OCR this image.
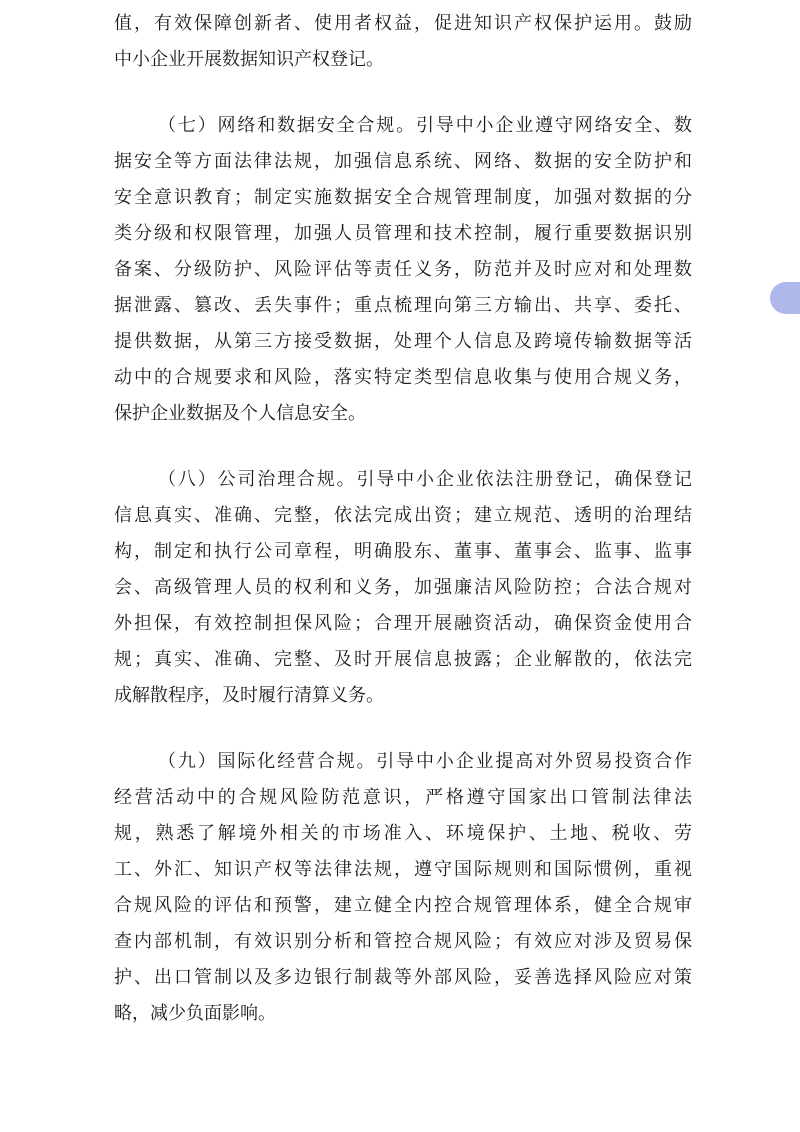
值，有效保障创新者、使用者权益，促进知识产权保护运用。鼓励
中小企业开展数据知识产权登记。
（七）网络和数据安全合规。引导中小企业遵守网络安全、数
据安全等方面法律法规，加强信息系统、网络、数据的安全防护和
安全意识教育；制定实施数据安全合规管理制度，加强对数据的分
类分级和权限管理，加强人员管理和技术控制，履行重要数据识别
备案、分级防护、风险评估等责任义务，防范并及时应对和处理数
据泄露、篡改、丢失事件；重点梳理向第三方输出、共享、委托、
提供数据，从第三方接受数据，处理个人信息及跨境传输数据等活
动中的合规要求和风险，落实特定类型信息收集与使用合规义务，
保护企业数据及个人信息安全。
（八）公司治理合规。引导中小企业依法注册登记，确保登记
信息真实、准确、完整，依法完成出资；建立规范、透明的治理结
构，制定和执行公司章程，明确股东、董事、董事会、监事、监事
会、高级管理人员的权利和义务，加强廉洁风险防控；合法合规对
外担保，有效控制担保风险；合理开展融资活动，确保资金使用合
规；真实、准确、完整、及时开展信息披露；企业解散的，依法完
成解散程序，及时履行清算义务。
（九）国际化经营合规。引导中小企业提高对外贸易投资合作
经营活动中的合规风险防范意识，严格遵守国家出口管制法律法
规，熟悉了解境外相关的市场准入、环境保护、土地、税收、劳
工、外汇、知识产权等法律法规，遵守国际规则和国际惯例，重视
合规风险的评估和预警，建立健全内控合规管理体系，健全合规审
查内部机制，有效识别分析和管控合规风险；有效应对涉及贸易保
护、出口管制以及多边银行制裁等外部风险，妥善选择风险应对策
略，减少负面影响。
